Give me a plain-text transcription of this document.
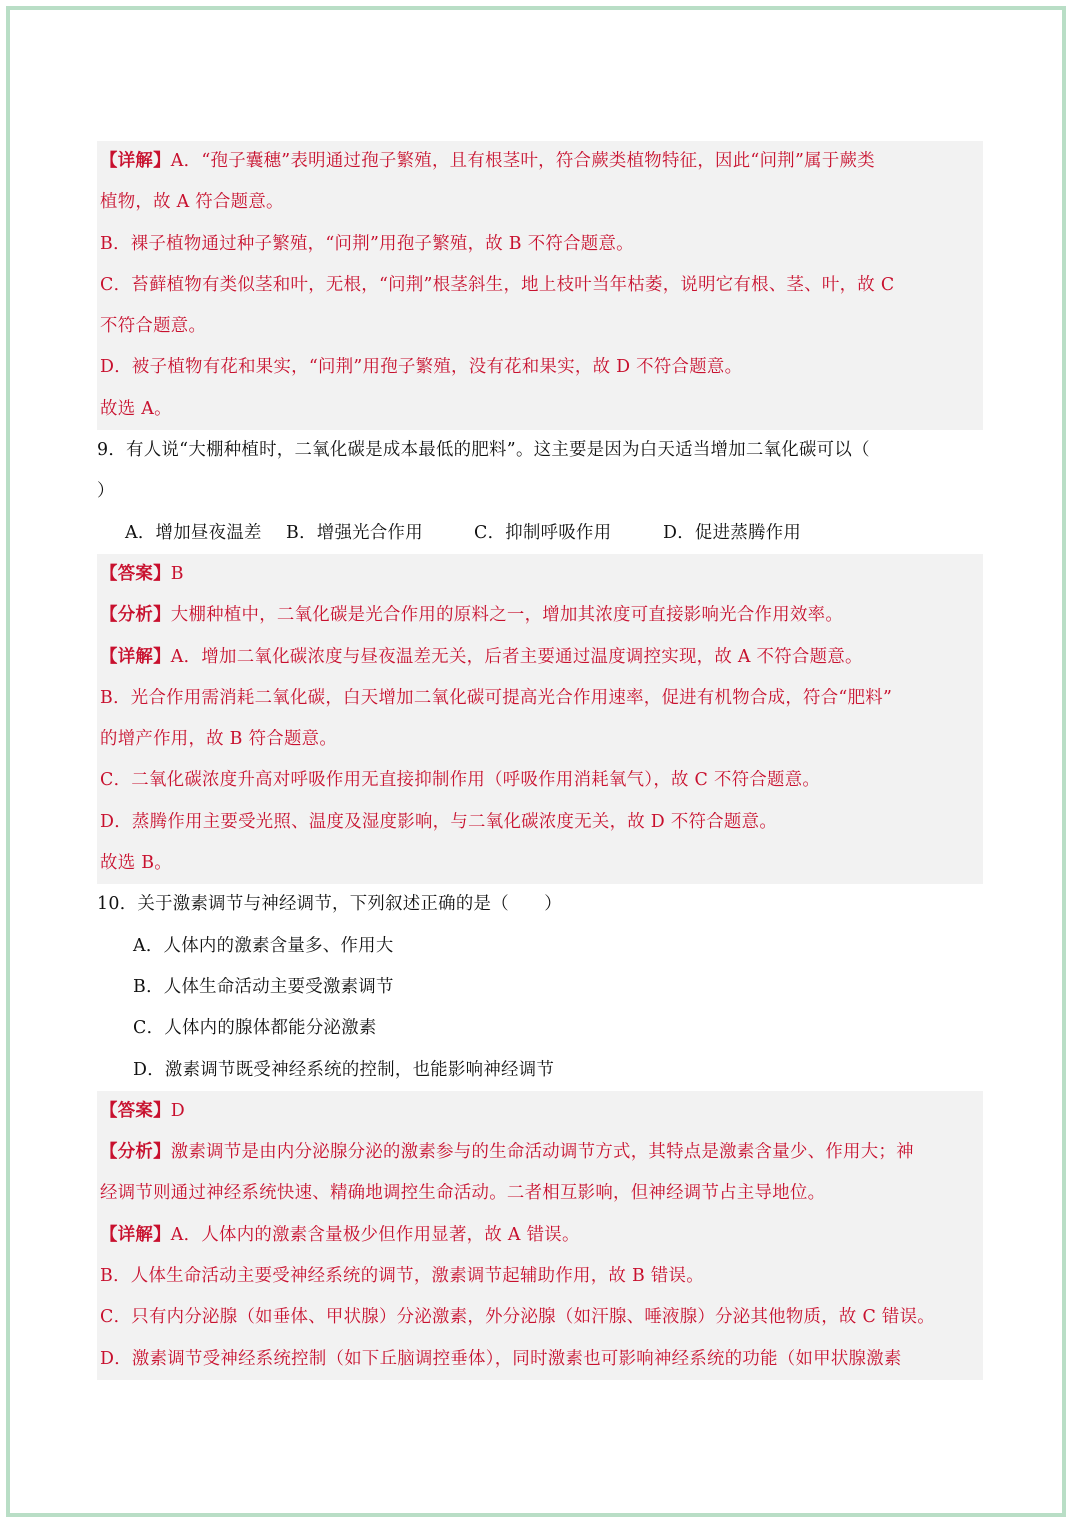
【详解】A．“孢子囊穗”表明通过孢子繁殖，且有根茎叶，符合蕨类植物特征，因此“问荆”属于蕨类
植物，故 A 符合题意。
B．裸子植物通过种子繁殖，“问荆”用孢子繁殖，故 B 不符合题意。
C．苔藓植物有类似茎和叶，无根，“问荆”根茎斜生，地上枝叶当年枯萎，说明它有根、茎、叶，故 C
不符合题意。
D．被子植物有花和果实，“问荆”用孢子繁殖，没有花和果实，故 D 不符合题意。
故选 A。
9．有人说“大棚种植时，二氧化碳是成本最低的肥料”。这主要是因为白天适当增加二氧化碳可以（
）
A．增加昼夜温差	B．增强光合作用	C．抑制呼吸作用	D．促进蒸腾作用
【答案】B
【分析】大棚种植中，二氧化碳是光合作用的原料之一，增加其浓度可直接影响光合作用效率。
【详解】A．增加二氧化碳浓度与昼夜温差无关，后者主要通过温度调控实现，故 A 不符合题意。
B．光合作用需消耗二氧化碳，白天增加二氧化碳可提高光合作用速率，促进有机物合成，符合“肥料”
的增产作用，故 B 符合题意。
C．二氧化碳浓度升高对呼吸作用无直接抑制作用（呼吸作用消耗氧气），故 C 不符合题意。
D．蒸腾作用主要受光照、温度及湿度影响，与二氧化碳浓度无关，故 D 不符合题意。
故选 B。
10．关于激素调节与神经调节，下列叙述正确的是（　　）
A．人体内的激素含量多、作用大
B．人体生命活动主要受激素调节
C．人体内的腺体都能分泌激素
D．激素调节既受神经系统的控制，也能影响神经调节
【答案】D
【分析】激素调节是由内分泌腺分泌的激素参与的生命活动调节方式，其特点是激素含量少、作用大；神
经调节则通过神经系统快速、精确地调控生命活动。二者相互影响，但神经调节占主导地位。
【详解】A．人体内的激素含量极少但作用显著，故 A 错误。
B．人体生命活动主要受神经系统的调节，激素调节起辅助作用，故 B 错误。
C．只有内分泌腺（如垂体、甲状腺）分泌激素，外分泌腺（如汗腺、唾液腺）分泌其他物质，故 C 错误。
D．激素调节受神经系统控制（如下丘脑调控垂体），同时激素也可影响神经系统的功能（如甲状腺激素
